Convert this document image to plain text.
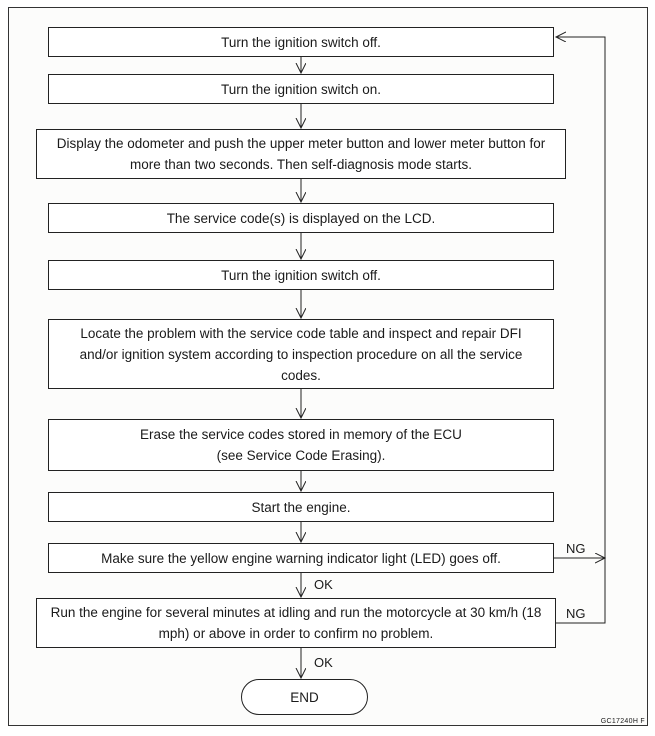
Turn the ignition switch off.
Turn the ignition switch on.
Display the odometer and push the upper meter button and lower meter button for more than two seconds. Then self-diagnosis mode starts.
The service code(s) is displayed on the LCD.
Turn the ignition switch off.
Locate the problem with the service code table and inspect and repair DFI and/or ignition system according to inspection procedure on all the service codes.
Erase the service codes stored in memory of the ECU (see Service Code Erasing).
Start the engine.
Make sure the yellow engine warning indicator light (LED) goes off.
Run the engine for several minutes at idling and run the motorcycle at 30 km/h (18 mph) or above in order to confirm no problem.
END
OK
OK
NG
NG
GC17240H F
